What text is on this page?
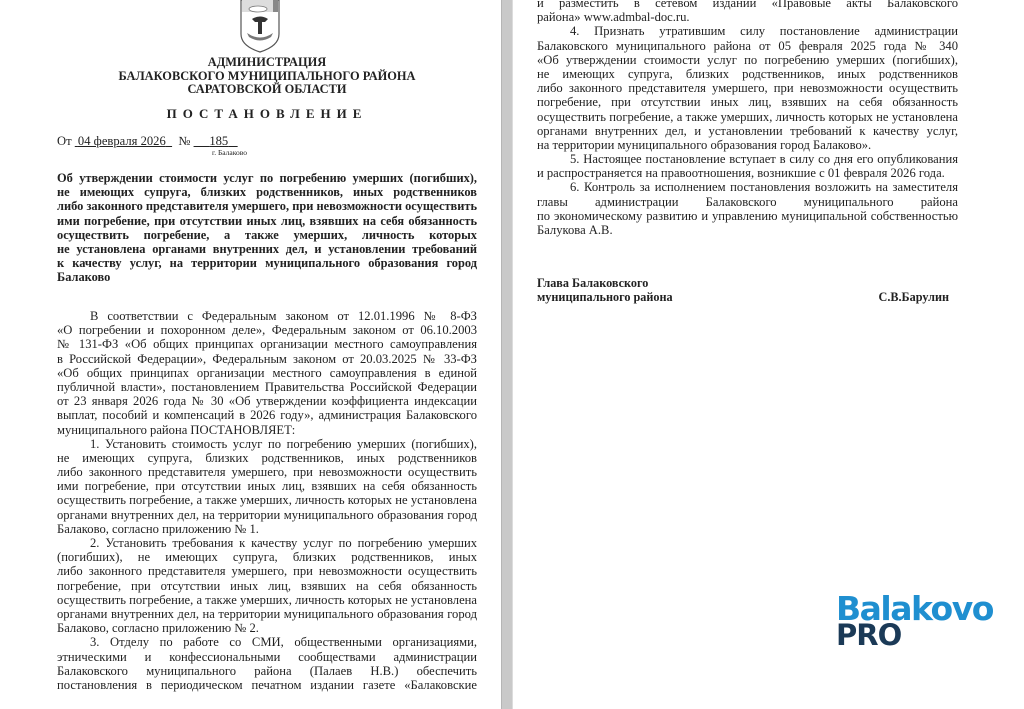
АДМИНИСТРАЦИЯ
БАЛАКОВСКОГО МУНИЦИПАЛЬНОГО РАЙОНА
САРАТОВСКОЙ ОБЛАСТИ
ПОСТАНОВЛЕНИЕ
От 04 февраля 2026 № 185
г. Балаково
Об утверждении стоимости услуг по погребению умерших (погибших),
не имеющих супруга, близких родственников, иных родственников
либо законного представителя умершего, при невозможности осуществить
ими погребение, при отсутствии иных лиц, взявших на себя обязанность
осуществить погребение, а также умерших, личность которых
не установлена органами внутренних дел, и установлении требований
к качеству услуг, на территории муниципального образования город
Балаково
В соответствии с Федеральным законом от 12.01.1996 № 8-ФЗ
«О погребении и похоронном деле», Федеральным законом от 06.10.2003
№ 131-ФЗ «Об общих принципах организации местного самоуправления
в Российской Федерации», Федеральным законом от 20.03.2025 № 33-ФЗ
«Об общих принципах организации местного самоуправления в единой
публичной власти», постановлением Правительства Российской Федерации
от 23 января 2026 года № 30 «Об утверждении коэффициента индексации
выплат, пособий и компенсаций в 2026 году», администрация Балаковского
муниципального района ПОСТАНОВЛЯЕТ:
1. Установить стоимость услуг по погребению умерших (погибших),
не имеющих супруга, близких родственников, иных родственников
либо законного представителя умершего, при невозможности осуществить
ими погребение, при отсутствии иных лиц, взявших на себя обязанность
осуществить погребение, а также умерших, личность которых не установлена
органами внутренних дел, на территории муниципального образования город
Балаково, согласно приложению № 1.
2. Установить требования к качеству услуг по погребению умерших
(погибших), не имеющих супруга, близких родственников, иных
либо законного представителя умершего, при невозможности осуществить
погребение, при отсутствии иных лиц, взявших на себя обязанность
осуществить погребение, а также умерших, личность которых не установлена
органами внутренних дел, на территории муниципального образования город
Балаково, согласно приложению № 2.
3. Отделу по работе со СМИ, общественными организациями,
этническими и конфессиональными сообществами администрации
Балаковского муниципального района (Палаев Н.В.) обеспечить
постановления в периодическом печатном издании газете «Балаковские
и разместить в сетевом издании «Правовые акты Балаковского
района» www.admbal-doc.ru.
4. Признать утратившим силу постановление администрации
Балаковского муниципального района от 05 февраля 2025 года № 340
«Об утверждении стоимости услуг по погребению умерших (погибших),
не имеющих супруга, близких родственников, иных родственников
либо законного представителя умершего, при невозможности осуществить
погребение, при отсутствии иных лиц, взявших на себя обязанность
осуществить погребение, а также умерших, личность которых не установлена
органами внутренних дел, и установлении требований к качеству услуг,
на территории муниципального образования город Балаково».
5. Настоящее постановление вступает в силу со дня его опубликования
и распространяется на правоотношения, возникшие с 01 февраля 2026 года.
6. Контроль за исполнением постановления возложить на заместителя
главы администрации Балаковского муниципального района
по экономическому развитию и управлению муниципальной собственностью
Балукова А.В.
Глава Балаковского
муниципального района	С.В.Барулин
Balakovo
PRO
